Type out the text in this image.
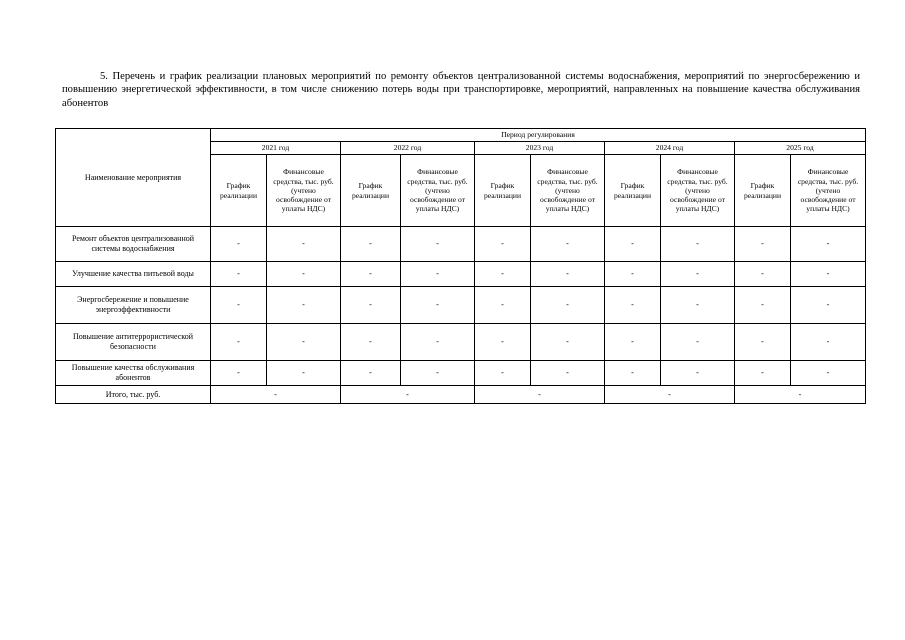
5. Перечень и график реализации плановых мероприятий по ремонту объектов централизованной системы водоснабжения, мероприятий по энергосбережению и повышению энергетической эффективности, в том числе снижению потерь воды при транспортировке, мероприятий, направленных на повышение качества обслуживания абонентов
Наименование мероприятия	Период регулирования									
	2021 год		2022 год		2023 год		2024 год		2025 год	
	График реализации	Финансовые средства, тыс. руб. (учтено освобождение от уплаты НДС)	График реализации	Финансовые средства, тыс. руб. (учтено освобождение от уплаты НДС)	График реализации	Финансовые средства, тыс. руб. (учтено освобождение от уплаты НДС)	График реализации	Финансовые средства, тыс. руб. (учтено освобождение от уплаты НДС)	График реализации	Финансовые средства, тыс. руб. (учтено освобождение от уплаты НДС)
Ремонт объектов централизованной системы водоснабжения	-	-	-	-	-	-	-	-	-	-
Улучшение качества питьевой воды	-	-	-	-	-	-	-	-	-	-
Энергосбережение и повышение энергоэффективности	-	-	-	-	-	-	-	-	-	-
Повышение антитеррористической безопасности	-	-	-	-	-	-	-	-	-	-
Повышение качества обслуживания абонентов	-	-	-	-	-	-	-	-	-	-
Итого, тыс. руб.	-		-		-		-		-	
